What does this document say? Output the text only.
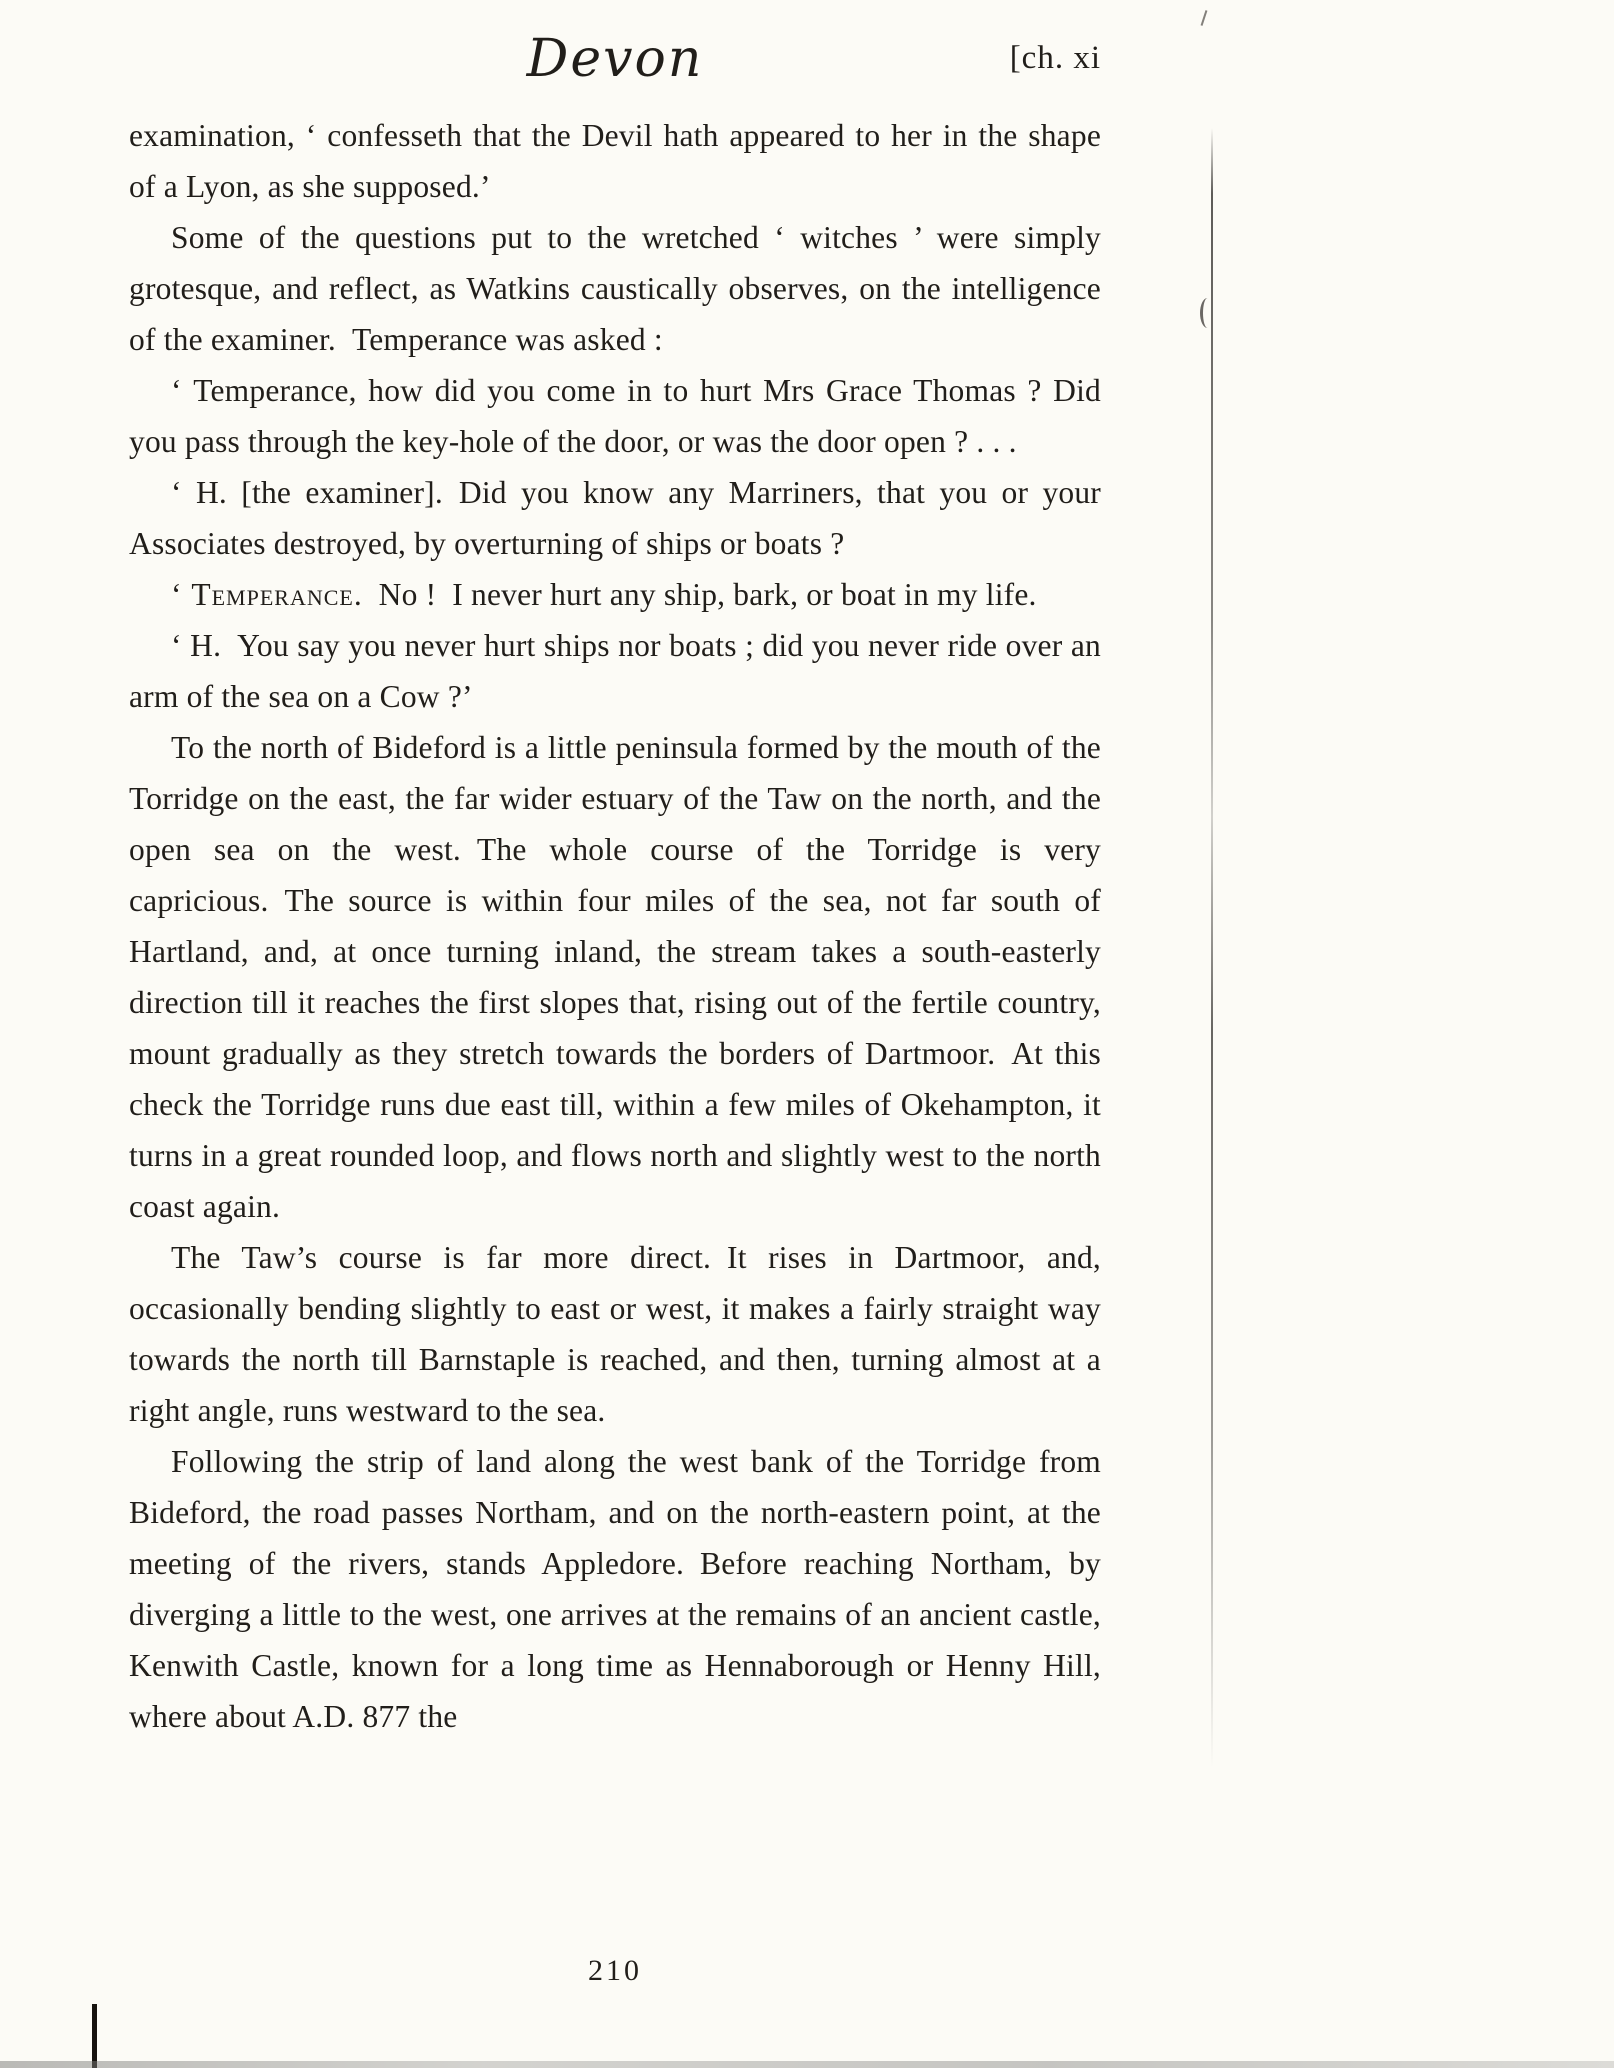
Devon	[ch. xi

examination, ‘ confesseth that the Devil hath appeared to her in the shape of a Lyon, as she supposed.’

Some of the questions put to the wretched ‘ witches ’ were simply grotesque, and reflect, as Watkins caustically observes, on the intelligence of the examiner. Temperance was asked :

‘ Temperance, how did you come in to hurt Mrs Grace Thomas ? Did you pass through the key-hole of the door, or was the door open ? . . .

‘ H. [the examiner]. Did you know any Marriners, that you or your Associates destroyed, by overturning of ships or boats ?

‘ Temperance. No ! I never hurt any ship, bark, or boat in my life.

‘ H. You say you never hurt ships nor boats ; did you never ride over an arm of the sea on a Cow ?’

To the north of Bideford is a little peninsula formed by the mouth of the Torridge on the east, the far wider estuary of the Taw on the north, and the open sea on the west. The whole course of the Torridge is very capricious. The source is within four miles of the sea, not far south of Hartland, and, at once turning inland, the stream takes a south-easterly direction till it reaches the first slopes that, rising out of the fertile country, mount gradually as they stretch towards the borders of Dartmoor. At this check the Torridge runs due east till, within a few miles of Okehampton, it turns in a great rounded loop, and flows north and slightly west to the north coast again.

The Taw’s course is far more direct. It rises in Dartmoor, and, occasionally bending slightly to east or west, it makes a fairly straight way towards the north till Barnstaple is reached, and then, turning almost at a right angle, runs westward to the sea.

Following the strip of land along the west bank of the Torridge from Bideford, the road passes Northam, and on the north-eastern point, at the meeting of the rivers, stands Appledore. Before reaching Northam, by diverging a little to the west, one arrives at the remains of an ancient castle, Kenwith Castle, known for a long time as Hennaborough or Henny Hill, where about A.D. 877 the

210
